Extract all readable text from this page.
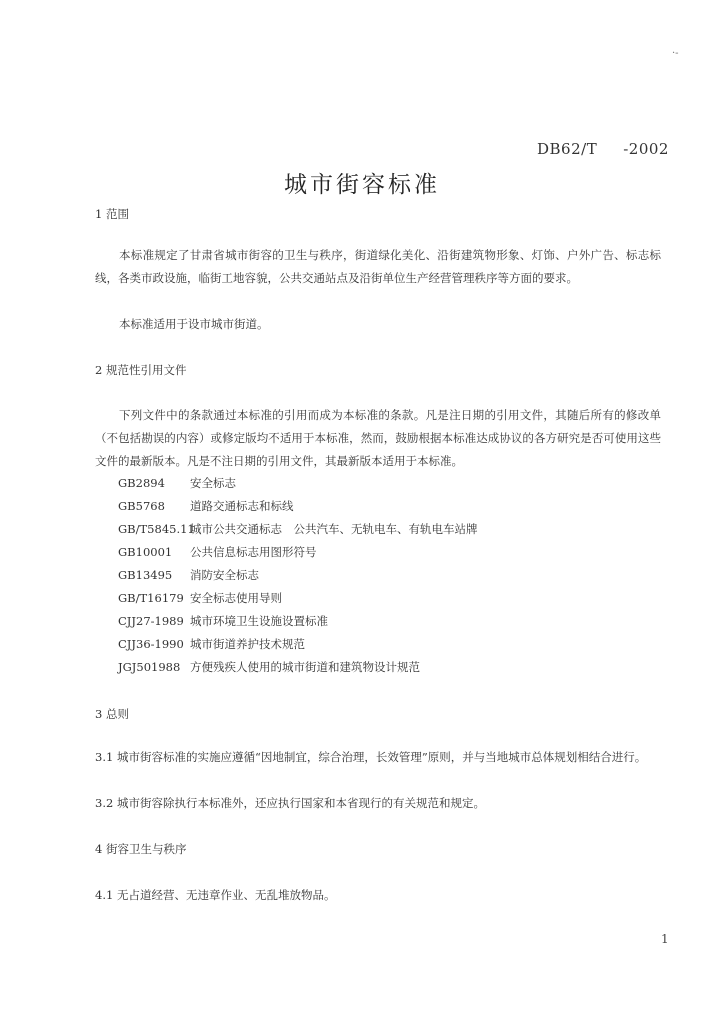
·-
DB62/T -2002
城市街容标准
1 范围
本标准规定了甘肃省城市街容的卫生与秩序，街道绿化美化、沿街建筑物形象、灯饰、户外广告、标志标线，各类市政设施，临街工地容貌，公共交通站点及沿街单位生产经营管理秩序等方面的要求。
本标准适用于设市城市街道。
2 规范性引用文件
下列文件中的条款通过本标准的引用而成为本标准的条款。凡是注日期的引用文件，其随后所有的修改单（不包括勘误的内容）或修定版均不适用于本标准，然而，鼓励根据本标准达成协议的各方研究是否可使用这些文件的最新版本。凡是不注日期的引用文件，其最新版本适用于本标准。
GB2894 安全标志
GB5768 道路交通标志和标线
GB/T5845.11城市公共交通标志　公共汽车、无轨电车、有轨电车站牌
GB10001 公共信息标志用图形符号
GB13495 消防安全标志
GB/T16179 安全标志使用导则
CJJ27-1989 城市环境卫生设施设置标准
CJJ36-1990 城市街道养护技术规范
JGJ501988 方便残疾人使用的城市街道和建筑物设计规范
3 总则
3.1 城市街容标准的实施应遵循“因地制宜，综合治理，长效管理”原则，并与当地城市总体规划相结合进行。
3.2 城市街容除执行本标准外，还应执行国家和本省现行的有关规范和规定。
4 街容卫生与秩序
4.1 无占道经营、无违章作业、无乱堆放物品。
1
